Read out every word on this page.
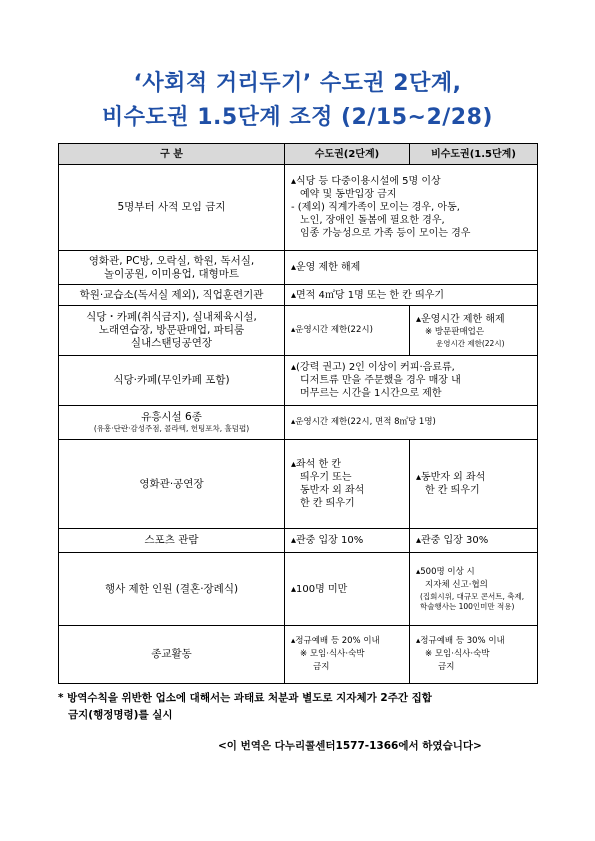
‘사회적 거리두기’ 수도권 2단계,
비수도권 1.5단계 조정 (2/15~2/28)
구 분	수도권(2단계)	비수도권(1.5단계)
5명부터 사적 모임 금지	▴식당 등 다중이용시설에 5명 이상
예약 및 동반입장 금지
- (제외) 직계가족이 모이는 경우, 아동,
노인, 장애인 돌봄에 필요한 경우,
임종 가능성으로 가족 등이 모이는 경우	

영화관, PC방, 오락실, 학원, 독서실,
놀이공원, 이미용업, 대형마트	▴운영 제한 해제	
학원·교습소(독서실 제외), 직업훈련기관	▴면적 4㎡당 1명 또는 한 칸 띄우기	

식당・카페(취식금지), 실내체육시설,
노래연습장, 방문판매업, 파티룸
실내스탠딩공연장	▴운영시간 제한(22시)	▴운영시간 제한 해제
※ 방문판매업은
운영시간 제한(22시)

식당·카페(무인카페 포함)	▴(강력 권고) 2인 이상이 커피·음료류,
디저트류 만을 주문했을 경우 매장 내
머무르는 시간을 1시간으로 제한	

유흥시설 6종
(유흥·단란·감성주점, 콜라텍, 헌팅포차, 홀덤펍)	▴운영시간 제한(22시, 면적 8㎡당 1명)	
영화관·공연장	▴좌석 한 칸
띄우기 또는
동반자 외 좌석
한 칸 띄우기	▴동반자 외 좌석
한 칸 띄우기

스포츠 관람	▴관중 입장 10%	▴관중 입장 30%
행사 제한 인원 (결혼·장례식)	▴100명 미만	▴500명 이상 시
지자체 신고·협의
(집회시위, 대규모 콘서트, 축제,
학술행사는 100인미만 적용)

종교활동	▴정규예배 등 20% 이내
※ 모임·식사·숙박
금지	▴정규예배 등 30% 이내
※ 모임·식사·숙박
금지
* 방역수칙을 위반한 업소에 대해서는 과태료 처분과 별도로 지자체가 2주간 집합
금지(행정명령)를 실시
<이 번역은 다누리콜센터1577-1366에서 하였습니다>
